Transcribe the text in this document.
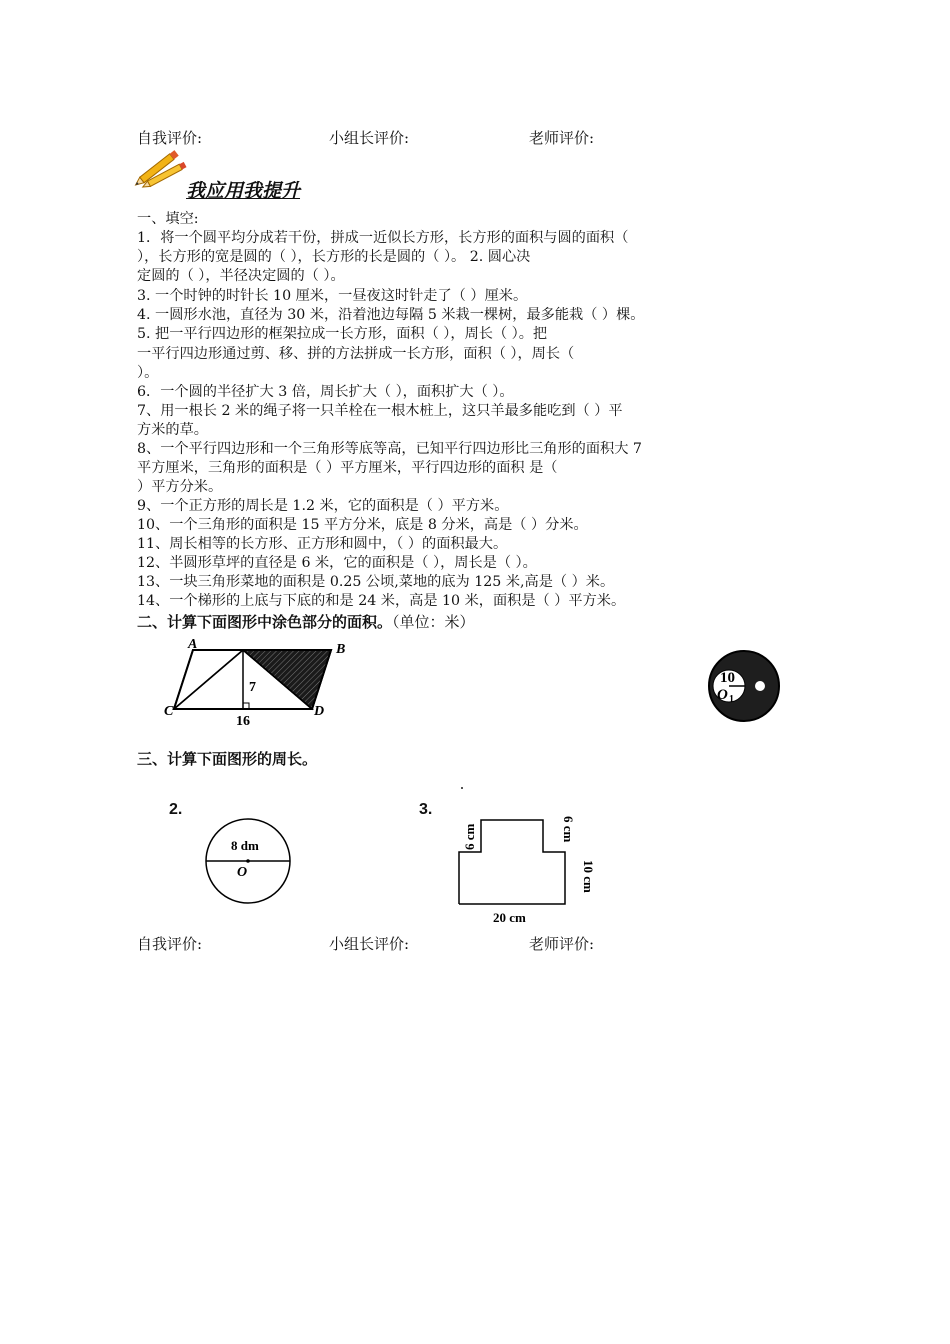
自我评价:	小组长评价:	老师评价:
我应用我提升
一、填空:
1．将一个圆平均分成若干份，拼成一近似长方形，长方形的面积与圆的面积（
），长方形的宽是圆的（ ），长方形的长是圆的（ ）。 2. 圆心决
定圆的（ ），半径决定圆的（ ）。
3. 一个时钟的时针长 10 厘米，一昼夜这时针走了（ ）厘米。
4. 一圆形水池，直径为 30 米，沿着池边每隔 5 米栽一棵树，最多能栽（ ）棵。
5. 把一平行四边形的框架拉成一长方形，面积（ ），周长（ ）。把
一平行四边形通过剪、移、拼的方法拼成一长方形，面积（ ），周长（
）。
6．一个圆的半径扩大 3 倍，周长扩大（ ），面积扩大（ ）。
7、用一根长 2 米的绳子将一只羊栓在一根木桩上，这只羊最多能吃到（ ）平
方米的草。
8、一个平行四边形和一个三角形等底等高，已知平行四边形比三角形的面积大 7
平方厘米，三角形的面积是（ ）平方厘米，平行四边形的面积 是（
）平方分米。
9、一个正方形的周长是 1.2 米，它的面积是（ ）平方米。
10、一个三角形的面积是 15 平方分米，底是 8 分米，高是（ ）分米。
11、周长相等的长方形、正方形和圆中，（ ）的面积最大。
12、半圆形草坪的直径是 6 米，它的面积是（ ），周长是（ ）。
13、一块三角形菜地的面积是 0.25 公顷,菜地的底为 125 米,高是（ ）米。
14、一个梯形的上底与下底的和是 24 米，高是 10 米，面积是（ ）平方米。
二、计算下面图形中涂色部分的面积。（单位：米）
A	B
C	D
7
16
10
O 1
三、计算下面图形的周长。
2.
8 dm
O
3.
6 cm	6 cm
10 cm
20 cm
自我评价:	小组长评价:	老师评价:
